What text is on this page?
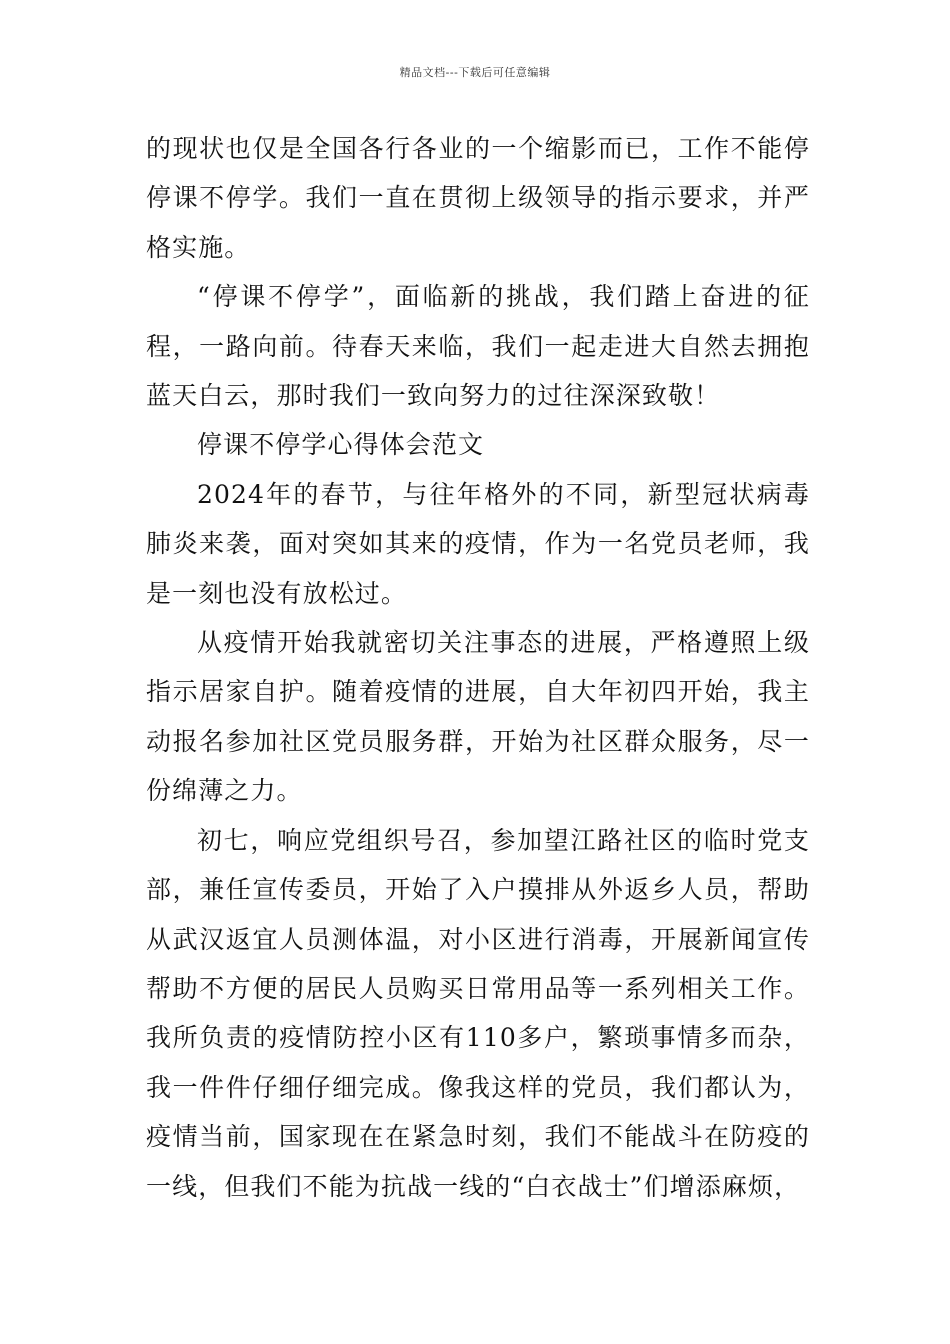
精品文档---下载后可任意编辑

的现状也仅是全国各行各业的一个缩影而已，工作不能停停课不停学。我们一直在贯彻上级领导的指示要求，并严格实施。

“停课不停学”，面临新的挑战，我们踏上奋进的征程，一路向前。待春天来临，我们一起走进大自然去拥抱蓝天白云，那时我们一致向努力的过往深深致敬！

停课不停学心得体会范文

2024年的春节，与往年格外的不同，新型冠状病毒肺炎来袭，面对突如其来的疫情，作为一名党员老师，我是一刻也没有放松过。

从疫情开始我就密切关注事态的进展，严格遵照上级指示居家自护。随着疫情的进展，自大年初四开始，我主动报名参加社区党员服务群，开始为社区群众服务，尽一份绵薄之力。

初七，响应党组织号召，参加望江路社区的临时党支部，兼任宣传委员，开始了入户摸排从外返乡人员，帮助从武汉返宜人员测体温，对小区进行消毒，开展新闻宣传帮助不方便的居民人员购买日常用品等一系列相关工作。我所负责的疫情防控小区有110多户，繁琐事情多而杂，我一件件仔细仔细完成。像我这样的党员，我们都认为，疫情当前，国家现在在紧急时刻，我们不能战斗在防疫的一线，但我们不能为抗战一线的“白衣战士”们增添麻烦，
